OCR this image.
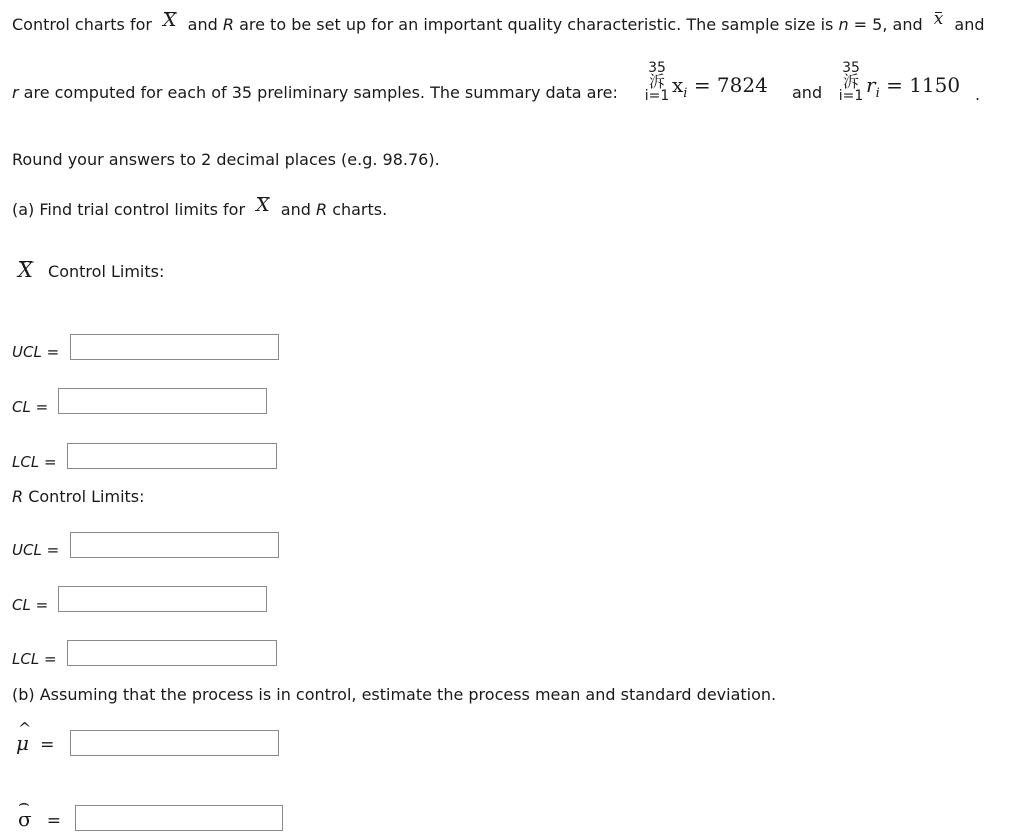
Control charts for X and R are to be set up for an important quality characteristic. The sample size is n = 5, and x and
r are computed for each of 35 preliminary samples. The summary data are:
35
泝
i=1 $x_i = 7824$ and
35
泝
i=1 $r_i = 1150$ .
Round your answers to 2 decimal places (e.g. 98.76).
(a) Find trial control limits for X and R charts.
X Control Limits:
UCL =
CL =
LCL =
R Control Limits:
UCL =
CL =
LCL =
(b) Assuming that the process is in control, estimate the process mean and standard deviation.
^ μ =
⌢ σ =
